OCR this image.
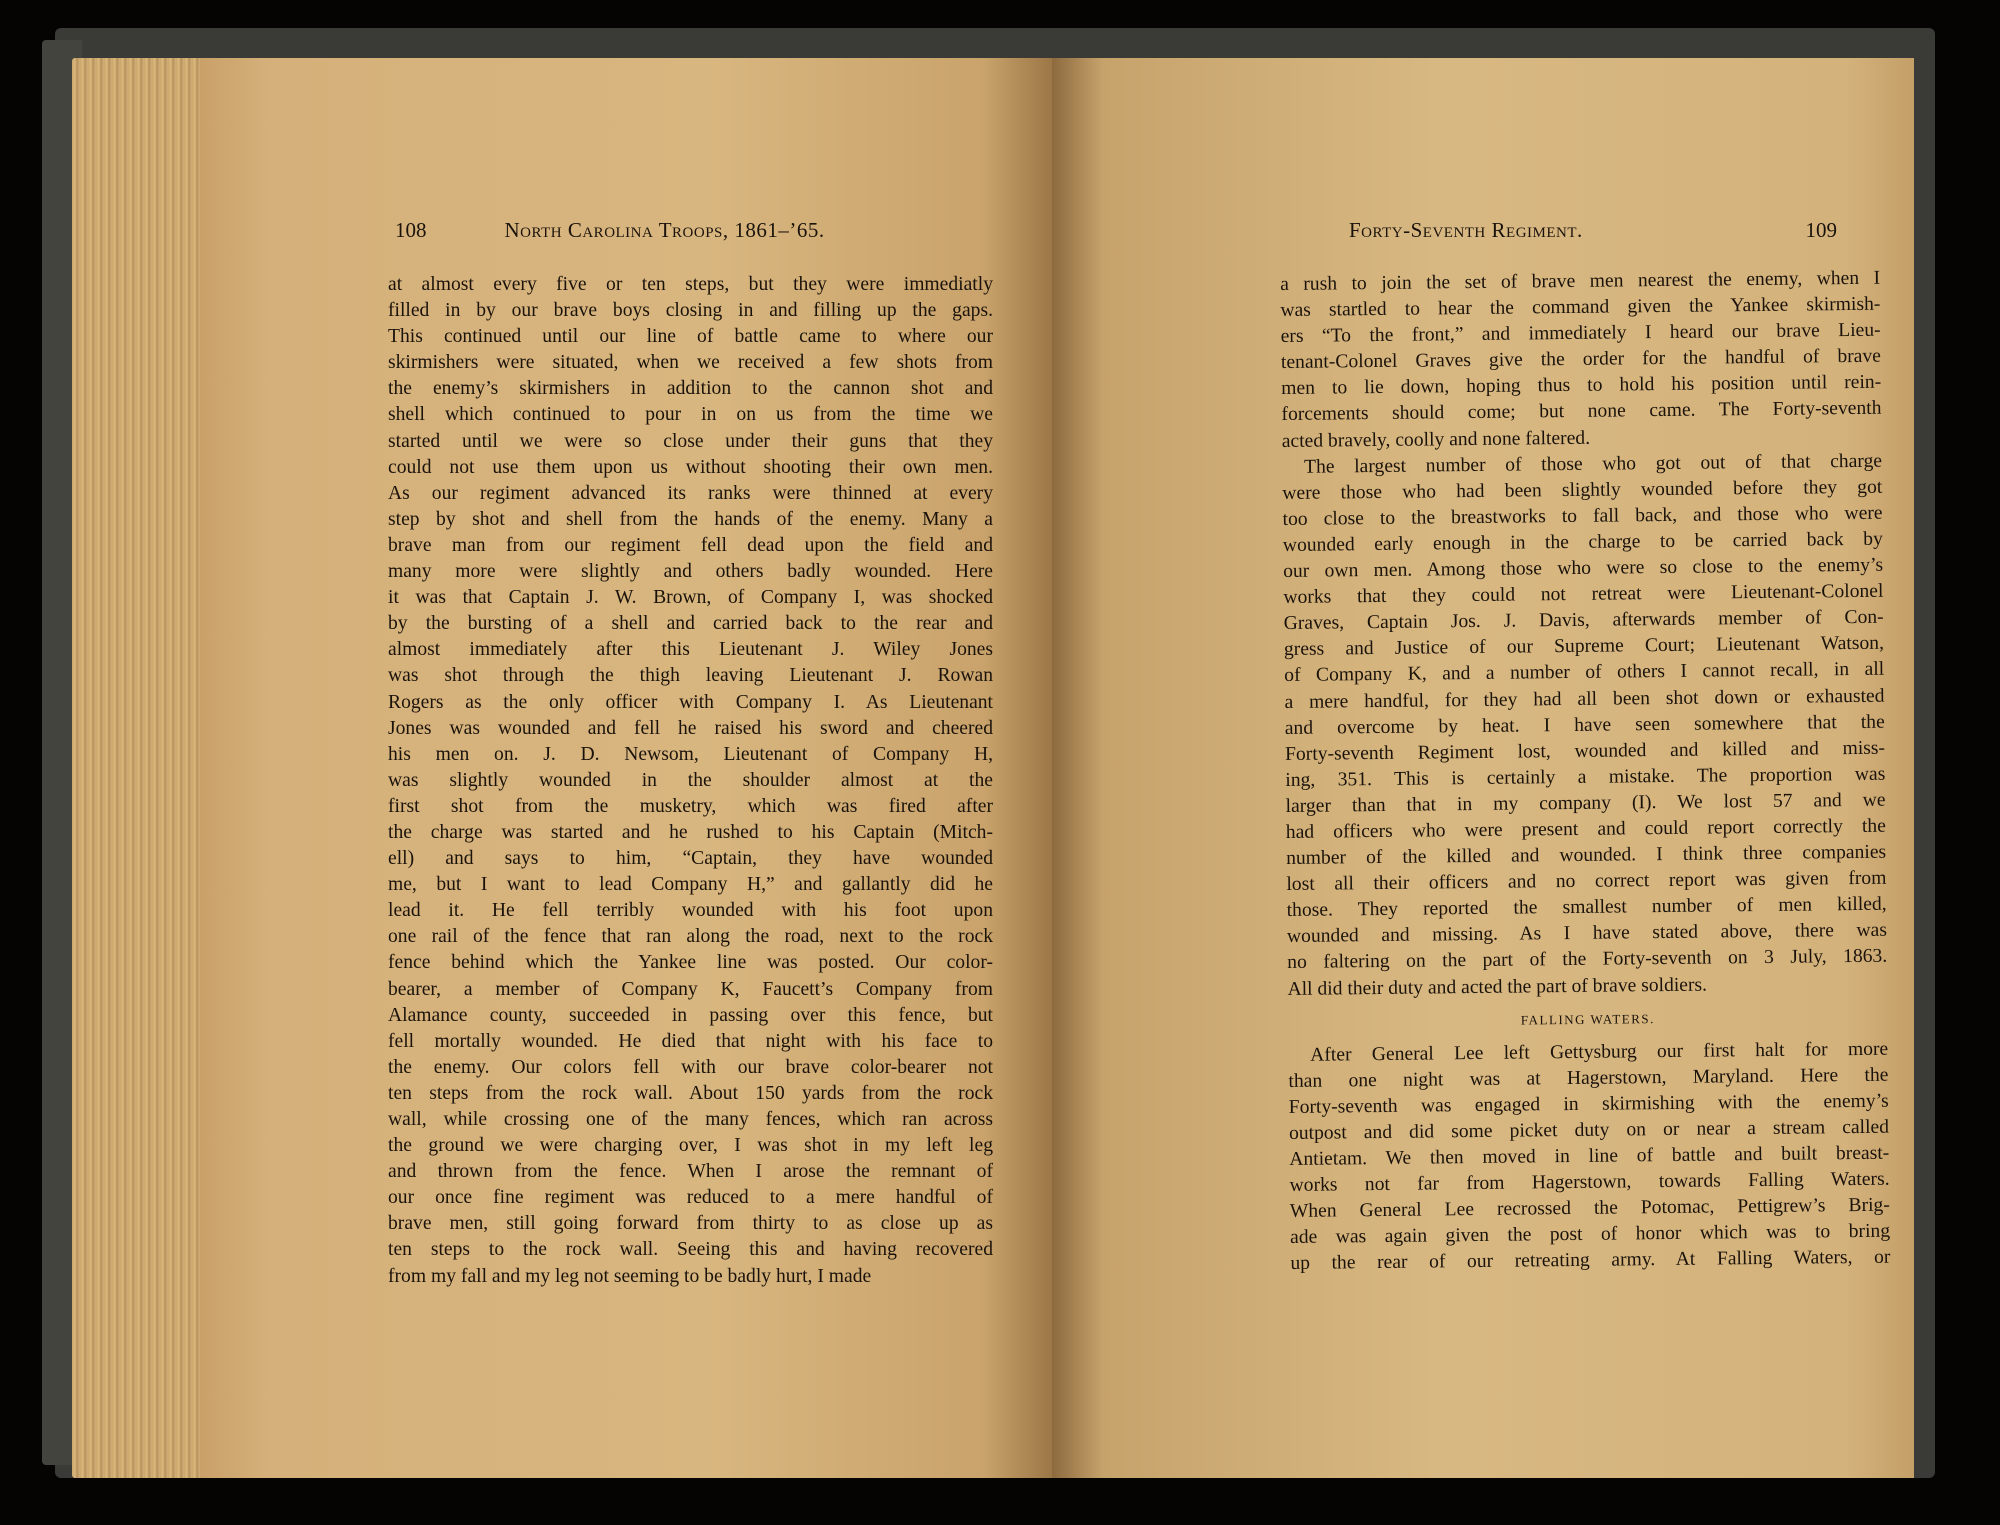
108	North Carolina Troops, 1861–’65.
at almost every five or ten steps, but they were immediatly
filled in by our brave boys closing in and filling up the gaps.
This continued until our line of battle came to where our
skirmishers were situated, when we received a few shots from
the enemy’s skirmishers in addition to the cannon shot and
shell which continued to pour in on us from the time we
started until we were so close under their guns that they
could not use them upon us without shooting their own men.
As our regiment advanced its ranks were thinned at every
step by shot and shell from the hands of the enemy. Many a
brave man from our regiment fell dead upon the field and
many more were slightly and others badly wounded. Here
it was that Captain J. W. Brown, of Company I, was shocked
by the bursting of a shell and carried back to the rear and
almost immediately after this Lieutenant J. Wiley Jones
was shot through the thigh leaving Lieutenant J. Rowan
Rogers as the only officer with Company I. As Lieutenant
Jones was wounded and fell he raised his sword and cheered
his men on. J. D. Newsom, Lieutenant of Company H,
was slightly wounded in the shoulder almost at the
first shot from the musketry, which was fired after
the charge was started and he rushed to his Captain (Mitch-
ell) and says to him, “Captain, they have wounded
me, but I want to lead Company H,” and gallantly did he
lead it. He fell terribly wounded with his foot upon
one rail of the fence that ran along the road, next to the rock
fence behind which the Yankee line was posted. Our color-
bearer, a member of Company K, Faucett’s Company from
Alamance county, succeeded in passing over this fence, but
fell mortally wounded. He died that night with his face to
the enemy. Our colors fell with our brave color-bearer not
ten steps from the rock wall. About 150 yards from the rock
wall, while crossing one of the many fences, which ran across
the ground we were charging over, I was shot in my left leg
and thrown from the fence. When I arose the remnant of
our once fine regiment was reduced to a mere handful of
brave men, still going forward from thirty to as close up as
ten steps to the rock wall. Seeing this and having recovered
from my fall and my leg not seeming to be badly hurt, I made
Forty-Seventh Regiment.	109
a rush to join the set of brave men nearest the enemy, when I
was startled to hear the command given the Yankee skirmish-
ers “To the front,” and immediately I heard our brave Lieu-
tenant-Colonel Graves give the order for the handful of brave
men to lie down, hoping thus to hold his position until rein-
forcements should come; but none came. The Forty-seventh
acted bravely, coolly and none faltered.
The largest number of those who got out of that charge
were those who had been slightly wounded before they got
too close to the breastworks to fall back, and those who were
wounded early enough in the charge to be carried back by
our own men. Among those who were so close to the enemy’s
works that they could not retreat were Lieutenant-Colonel
Graves, Captain Jos. J. Davis, afterwards member of Con-
gress and Justice of our Supreme Court; Lieutenant Watson,
of Company K, and a number of others I cannot recall, in all
a mere handful, for they had all been shot down or exhausted
and overcome by heat. I have seen somewhere that the
Forty-seventh Regiment lost, wounded and killed and miss-
ing, 351. This is certainly a mistake. The proportion was
larger than that in my company (I). We lost 57 and we
had officers who were present and could report correctly the
number of the killed and wounded. I think three companies
lost all their officers and no correct report was given from
those. They reported the smallest number of men killed,
wounded and missing. As I have stated above, there was
no faltering on the part of the Forty-seventh on 3 July, 1863.
All did their duty and acted the part of brave soldiers.
FALLING WATERS.
After General Lee left Gettysburg our first halt for more
than one night was at Hagerstown, Maryland. Here the
Forty-seventh was engaged in skirmishing with the enemy’s
outpost and did some picket duty on or near a stream called
Antietam. We then moved in line of battle and built breast-
works not far from Hagerstown, towards Falling Waters.
When General Lee recrossed the Potomac, Pettigrew’s Brig-
ade was again given the post of honor which was to bring
up the rear of our retreating army. At Falling Waters, or
